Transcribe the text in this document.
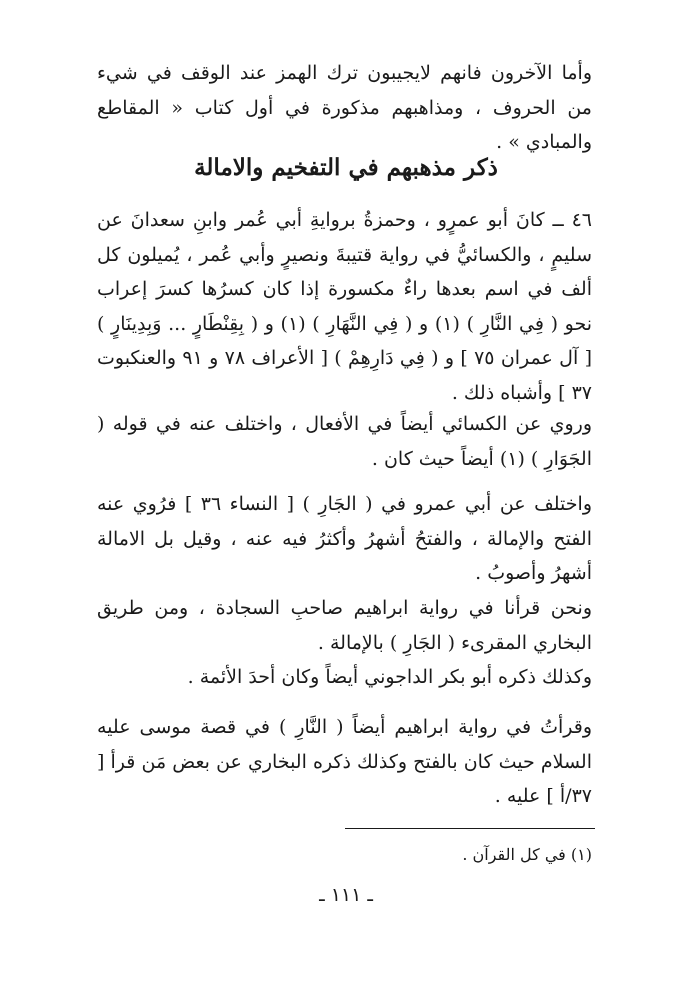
وأما الآخرون فانهم لايجيبون ترك الهمز عند الوقف في شيء من الحروف ، ومذاهبهم مذكورة في أول كتاب « المقاطع والمبادي » .

ذكر مذهبهم في التفخيم والامالة

٤٦ ــ كانَ أبو عمرٍو ، وحمزةُ بروايةِ أبي عُمر وابنِ سعدانَ عن سليمٍ ، والكسائيُّ في رواية قتيبةَ ونصيرٍ وأبي عُمر ، يُميلون كل ألف في اسم بعدها راءٌ مكسورة إذا كان كسرُها كسرَ إعراب نحو ( فِي النَّارِ ) (١) و ( فِي النَّهَارِ ) (١) و ( بِقِنْطَارٍ ... وَبِدِينَارٍ ) [ آل عمران ٧٥ ] و ( فِي دَارِهِمْ ) [ الأعراف ٧٨ و ٩١ والعنكبوت ٣٧ ] وأشباه ذلك .

وروي عن الكسائي أيضاً في الأفعال ، واختلف عنه في قوله ( الجَوَارِ ) (١) أيضاً حيث كان .

واختلف عن أبي عمرو في ( الجَارِ ) [ النساء ٣٦ ] فرُوي عنه الفتح والإمالة ، والفتحُ أشهرُ وأكثرُ فيه عنه ، وقيل بل الامالة أشهرُ وأصوبُ .

ونحن قرأنا في رواية ابراهيم صاحبِ السجادة ، ومن طريق البخاري المقرىء ( الجَارِ ) بالإمالة .

وكذلك ذكره أبو بكر الداجوني أيضاً وكان أحدَ الأئمة .

وقرأتُ في رواية ابراهيم أيضاً ( النَّارِ ) في قصة موسى عليه السلام حيث كان بالفتح وكذلك ذكره البخاري عن بعض مَن قرأ [ ٣٧/أ ] عليه .

(١) في كل القرآن .

ـ ١١١ ـ
